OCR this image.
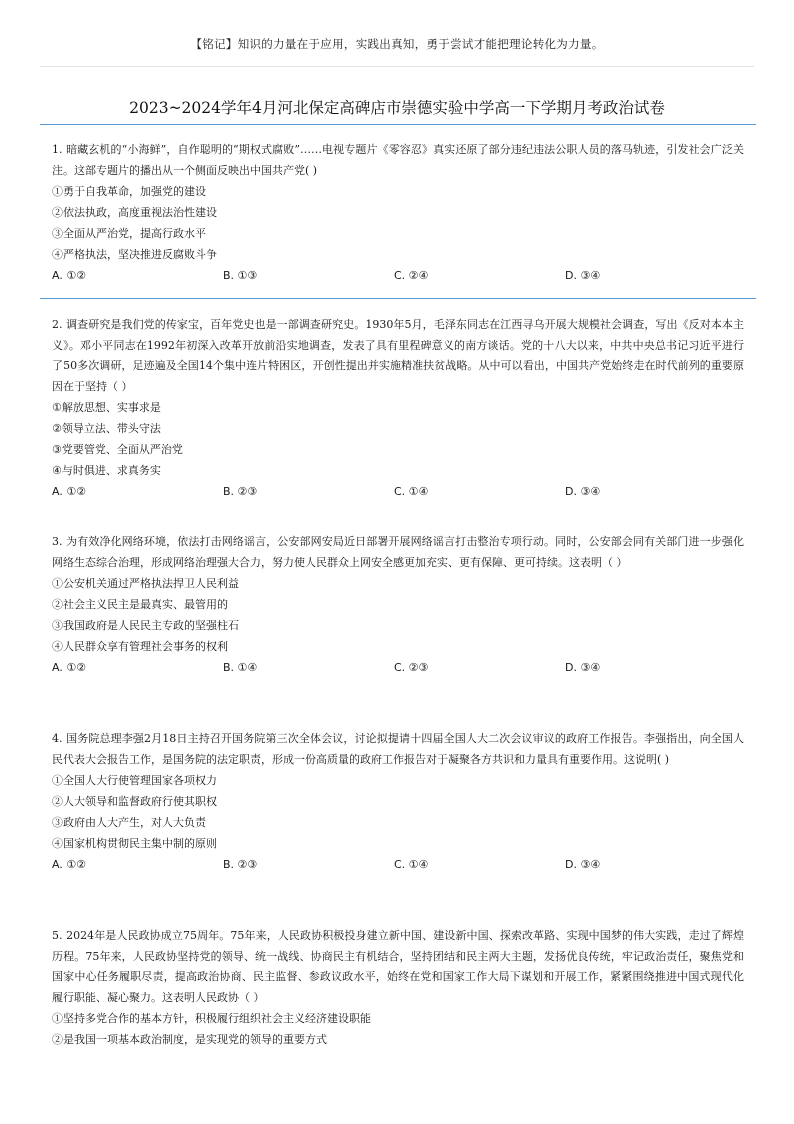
【铭记】知识的力量在于应用，实践出真知，勇于尝试才能把理论转化为力量。
2023~2024学年4月河北保定高碑店市崇德实验中学高一下学期月考政治试卷

1. 暗藏玄机的“小海鲜”，自作聪明的“期权式腐败”……电视专题片《零容忍》真实还原了部分违纪违法公职人员的落马轨迹，引发社会广泛关注。这部专题片的播出从一个侧面反映出中国共产党( )

①勇于自我革命，加强党的建设

②依法执政，高度重视法治性建设

③全面从严治党，提高行政水平

④严格执法，坚决推进反腐败斗争

A. ①②	B. ①③	C. ②④	D. ③④

2. 调查研究是我们党的传家宝，百年党史也是一部调查研究史。1930年5月，毛泽东同志在江西寻乌开展大规模社会调查，写出《反对本本主义》。邓小平同志在1992年初深入改革开放前沿实地调查，发表了具有里程碑意义的南方谈话。党的十八大以来，中共中央总书记习近平进行了50多次调研，足迹遍及全国14个集中连片特困区，开创性提出并实施精准扶贫战略。从中可以看出，中国共产党始终走在时代前列的重要原因在于坚持（ ）

①解放思想、实事求是

②领导立法、带头守法

③党要管党、全面从严治党

④与时俱进、求真务实

A. ①②	B. ②③	C. ①④	D. ③④

3. 为有效净化网络环境，依法打击网络谣言，公安部网安局近日部署开展网络谣言打击整治专项行动。同时，公安部会同有关部门进一步强化网络生态综合治理，形成网络治理强大合力，努力使人民群众上网安全感更加充实、更有保障、更可持续。这表明（ ）

①公安机关通过严格执法捍卫人民利益

②社会主义民主是最真实、最管用的

③我国政府是人民民主专政的坚强柱石

④人民群众享有管理社会事务的权利

A. ①②	B. ①④	C. ②③	D. ③④

4. 国务院总理李强2月18日主持召开国务院第三次全体会议，讨论拟提请十四届全国人大二次会议审议的政府工作报告。李强指出，向全国人民代表大会报告工作，是国务院的法定职责，形成一份高质量的政府工作报告对于凝聚各方共识和力量具有重要作用。这说明( )

①全国人大行使管理国家各项权力

②人大领导和监督政府行使其职权

③政府由人大产生，对人大负责

④国家机构贯彻民主集中制的原则

A. ①②	B. ②③	C. ①④	D. ③④

5. 2024年是人民政协成立75周年。75年来，人民政协积极投身建立新中国、建设新中国、探索改革路、实现中国梦的伟大实践，走过了辉煌历程。75年来，人民政协坚持党的领导、统一战线、协商民主有机结合，坚持团结和民主两大主题，发扬优良传统，牢记政治责任，聚焦党和国家中心任务履职尽责，提高政治协商、民主监督、参政议政水平，始终在党和国家工作大局下谋划和开展工作，紧紧围绕推进中国式现代化履行职能、凝心聚力。这表明人民政协（ ）

①坚持多党合作的基本方针，积极履行组织社会主义经济建设职能

②是我国一项基本政治制度，是实现党的领导的重要方式
